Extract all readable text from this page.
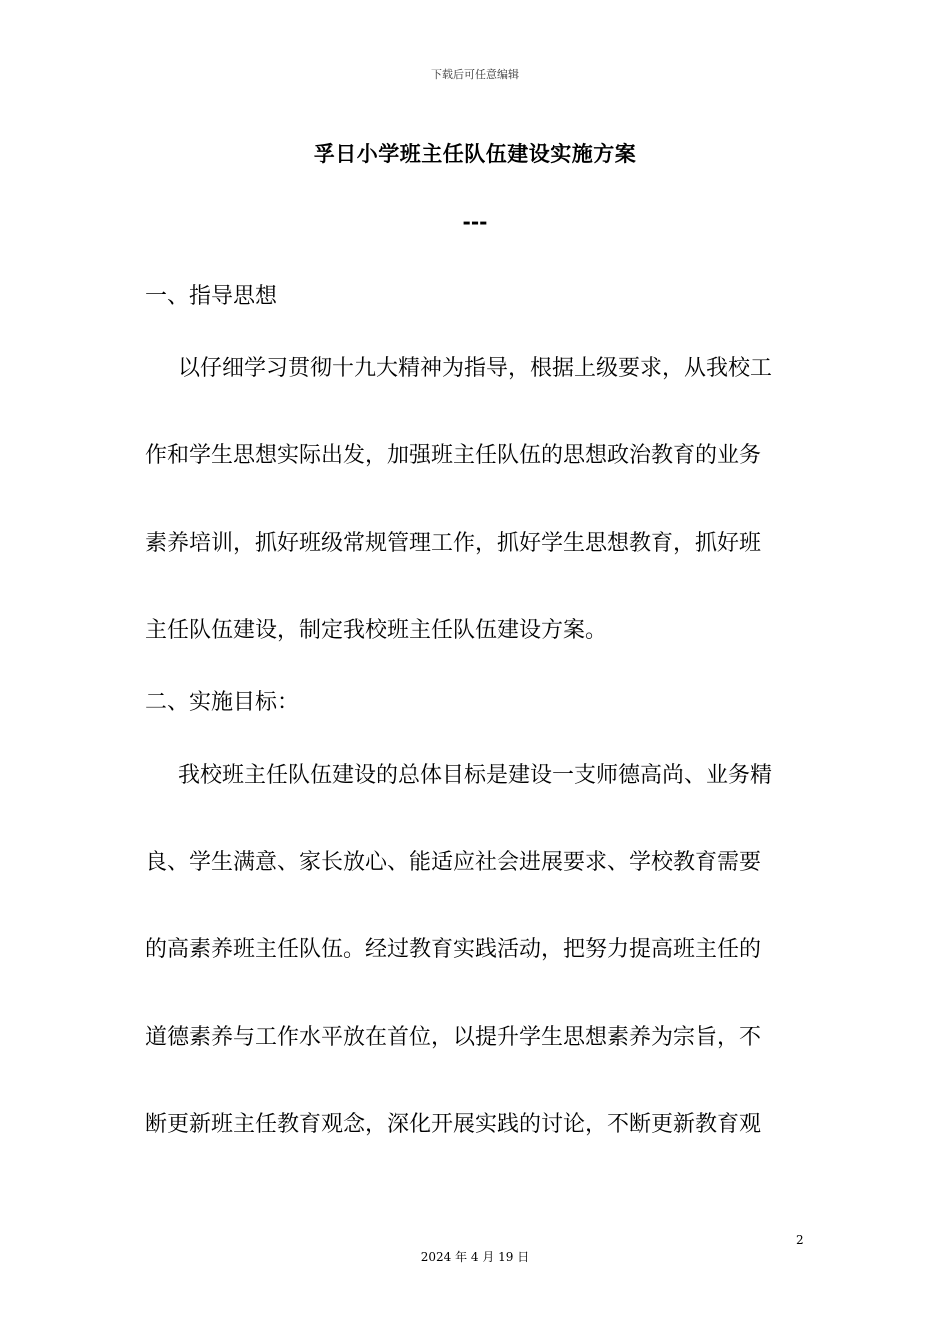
下载后可任意编辑
孚日小学班主任队伍建设实施方案
---
一、指导思想
以仔细学习贯彻十九大精神为指导，根据上级要求，从我校工
作和学生思想实际出发，加强班主任队伍的思想政治教育的业务
素养培训，抓好班级常规管理工作，抓好学生思想教育，抓好班
主任队伍建设，制定我校班主任队伍建设方案。
二、实施目标：
我校班主任队伍建设的总体目标是建设一支师德高尚、业务精
良、学生满意、家长放心、能适应社会进展要求、学校教育需要
的高素养班主任队伍。经过教育实践活动，把努力提高班主任的
道德素养与工作水平放在首位，以提升学生思想素养为宗旨，不
断更新班主任教育观念，深化开展实践的讨论，不断更新教育观
2
2024 年 4 月 19 日
